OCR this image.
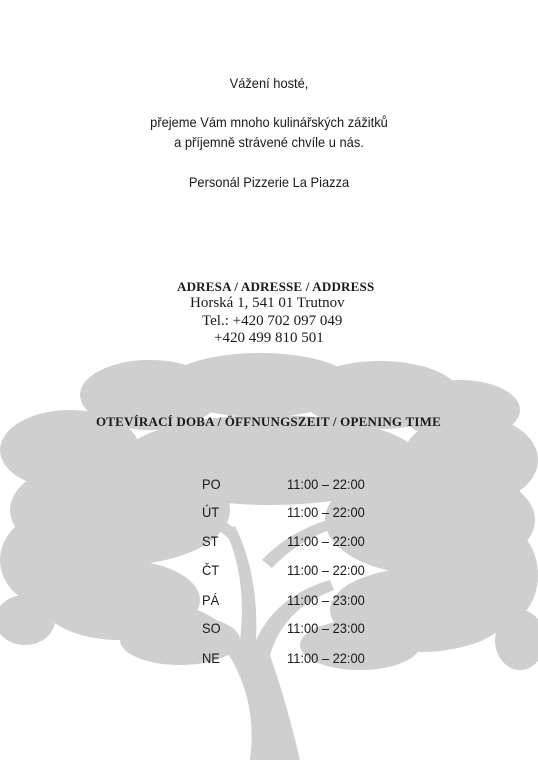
Vážení hosté,
přejeme Vám mnoho kulinářských zážitků
a příjemně strávené chvíle u nás.
Personál Pizzerie La Piazza
ADRESA / ADRESSE / ADDRESS
Horská 1, 541 01 Trutnov
Tel.: +420 702 097 049
+420 499 810 501
OTEVÍRACÍ DOBA / ÖFFNUNGSZEIT / OPENING TIME
PO	11:00 – 22:00
ÚT	11:00 – 22:00
ST	11:00 – 22:00
ČT	11:00 – 22:00
PÁ	11:00 – 23:00
SO	11:00 – 23:00
NE	11:00 – 22:00
